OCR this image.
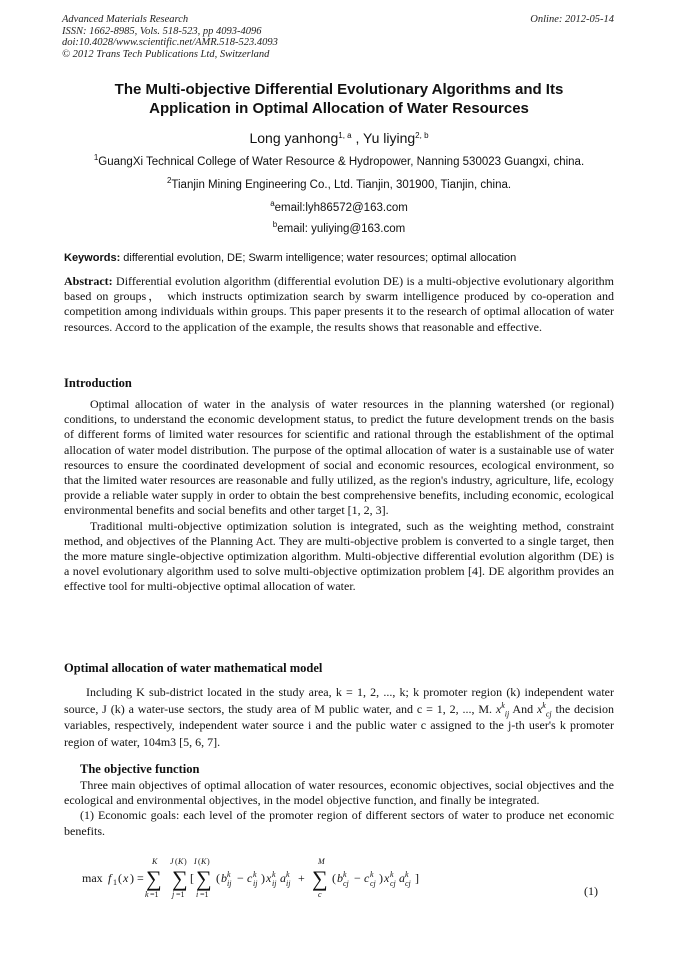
Advanced Materials Research
ISSN: 1662-8985, Vols. 518-523, pp 4093-4096
doi:10.4028/www.scientific.net/AMR.518-523.4093
© 2012 Trans Tech Publications Ltd, Switzerland
Online: 2012-05-14
The Multi-objective Differential Evolutionary Algorithms and Its
Application in Optimal Allocation of Water Resources
Long yanhong$^{1, a}$ , Yu liying$^{2, b}$
$^1$GuangXi Technical College of Water Resource & Hydropower, Nanning 530023 Guangxi, china.
$^2$Tianjin Mining Engineering Co., Ltd. Tianjin, 301900, Tianjin, china.
$^a$email:lyh86572@163.com
$^b$email: yuliying@163.com
Keywords: differential evolution, DE; Swarm intelligence; water resources; optimal allocation

Abstract: Differential evolution algorithm (differential evolution DE) is a multi-objective evolutionary algorithm based on groups， which instructs optimization search by swarm intelligence produced by co-operation and competition among individuals within groups. This paper presents it to the research of optimal allocation of water resources. Accord to the application of the example, the results shows that reasonable and effective.

Introduction

Optimal allocation of water in the analysis of water resources in the planning watershed (or regional) conditions, to understand the economic development status, to predict the future development trends on the basis of different forms of limited water resources for scientific and rational through the establishment of the optimal allocation of water model distribution. The purpose of the optimal allocation of water is a sustainable use of water resources to ensure the coordinated development of social and economic resources, ecological environment, so that the limited water resources are reasonable and fully utilized, as the region's industry, agriculture, life, ecology provide a reliable water supply in order to obtain the best comprehensive benefits, including economic, ecological environmental benefits and social benefits and other target [1, 2, 3].

Traditional multi-objective optimization solution is integrated, such as the weighting method, constraint method, and objectives of the Planning Act. They are multi-objective problem is converted to a single target, then the more mature single-objective optimization algorithm. Multi-objective differential evolution algorithm (DE) is a novel evolutionary algorithm used to solve multi-objective optimization problem [4]. DE algorithm provides an effective tool for multi-objective optimal allocation of water.

Optimal allocation of water mathematical model

Including K sub-district located in the study area, k = 1, 2, ..., k; k promoter region (k) independent water source, J (k) a water-use sectors, the study area of M public water, and c = 1, 2, ..., M. $x^k_{ij}$ And $x^k_{cj}$ the decision variables, respectively, independent water source i and the public water c assigned to the j-th user's k promoter region of water, 104m3 [5, 6, 7].

The objective function

Three main objectives of optimal allocation of water resources, economic objectives, social objectives and the ecological and environmental objectives, in the model objective function, and finally be integrated.

(1) Economic goals: each level of the promoter region of different sectors of water to produce net economic benefits.

max f 1 ( x ) = ∑
K
k =1
∑
J ( K )
j =1
[ ∑
I ( K )
i =1
( b k
ij − c k
ij ) x k
ij a k
ij + ∑
M
c
( b k
cj − c k
cj ) x k
cj a k
cj ]
(1)
